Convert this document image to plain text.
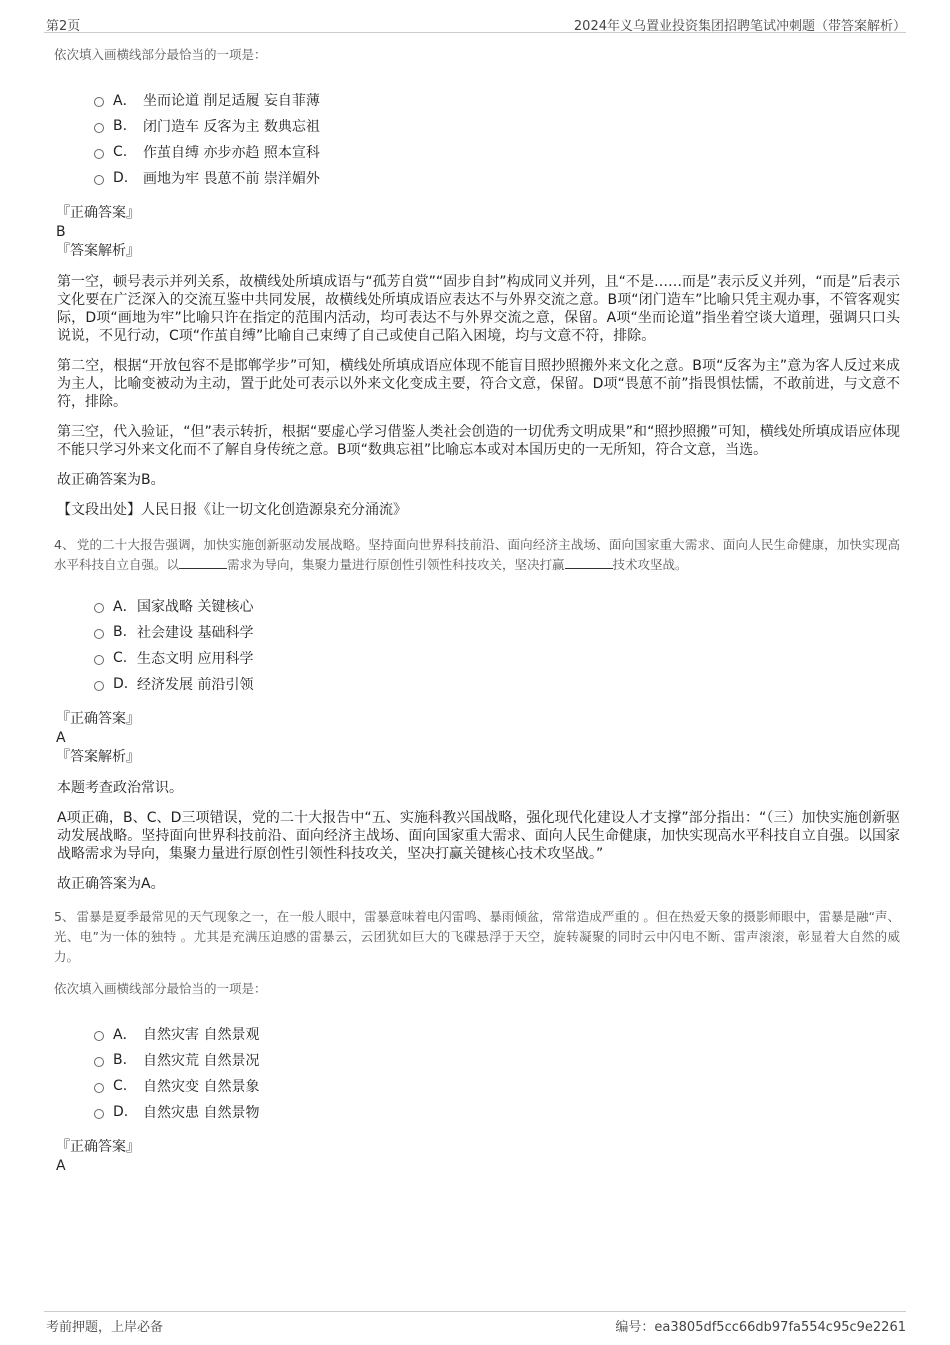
第2页	2024年义乌置业投资集团招聘笔试冲刺题（带答案解析）
依次填入画横线部分最恰当的一项是：
A． 坐而论道 削足适履 妄自菲薄
B.	闭门造车 反客为主 数典忘祖
C.	作茧自缚 亦步亦趋 照本宣科
D.	画地为牢 畏葸不前 崇洋媚外
『正确答案』
B
『答案解析』

第一空，顿号表示并列关系，故横线处所填成语与“孤芳自赏”“固步自封”构成同义并列，且“不是……而是”表示反义并列，“而是”后表示文化要在广泛深入的交流互鉴中共同发展，故横线处所填成语应表达不与外界交流之意。B项“闭门造车”比喻只凭主观办事，不管客观实际，D项“画地为牢”比喻只许在指定的范围内活动，均可表达不与外界交流之意，保留。A项“坐而论道”指坐着空谈大道理，强调只口头说说，不见行动，C项“作茧自缚”比喻自己束缚了自己或使自己陷入困境，均与文意不符，排除。

第二空，根据“开放包容不是邯郸学步”可知，横线处所填成语应体现不能盲目照抄照搬外来文化之意。B项“反客为主”意为客人反过来成为主人，比喻变被动为主动，置于此处可表示以外来文化变成主要，符合文意，保留。D项“畏葸不前”指畏惧怯懦，不敢前进，与文意不符，排除。

第三空，代入验证，“但”表示转折，根据“要虚心学习借鉴人类社会创造的一切优秀文明成果”和“照抄照搬”可知，横线处所填成语应体现不能只学习外来文化而不了解自身传统之意。B项“数典忘祖”比喻忘本或对本国历史的一无所知，符合文意，当选。

故正确答案为B。

【文段出处】人民日报《让一切文化创造源泉充分涌流》

4、 党的二十大报告强调，加快实施创新驱动发展战略。坚持面向世界科技前沿、面向经济主战场、面向国家重大需求、面向人民生命健康，加快实现高水平科技自立自强。以	需求为导向，集聚力量进行原创性引领性科技攻关，坚决打赢	技术攻坚战。
A． 国家战略 关键核心
B. 社会建设 基础科学
C. 生态文明 应用科学
D. 经济发展 前沿引领
『正确答案』
A
『答案解析』

本题考查政治常识。

A项正确，B、C、D三项错误，党的二十大报告中“五、实施科教兴国战略，强化现代化建设人才支撑”部分指出：“（三）加快实施创新驱动发展战略。坚持面向世界科技前沿、面向经济主战场、面向国家重大需求、面向人民生命健康，加快实现高水平科技自立自强。以国家战略需求为导向，集聚力量进行原创性引领性科技攻关，坚决打赢关键核心技术攻坚战。”

故正确答案为A。

5、 雷暴是夏季最常见的天气现象之一，在一般人眼中，雷暴意味着电闪雷鸣、暴雨倾盆，常常造成严重的 。但在热爱天象的摄影师眼中，雷暴是融“声、光、电”为一体的独特 。尤其是充满压迫感的雷暴云，云团犹如巨大的飞碟悬浮于天空，旋转凝聚的同时云中闪电不断、雷声滚滚，彰显着大自然的威力。
依次填入画横线部分最恰当的一项是：
A． 自然灾害 自然景观
B.	自然灾荒 自然景况
C.	自然灾变 自然景象
D.	自然灾患 自然景物
『正确答案』
A
考前押题，上岸必备	编号：ea3805df5cc66db97fa554c95c9e2261
